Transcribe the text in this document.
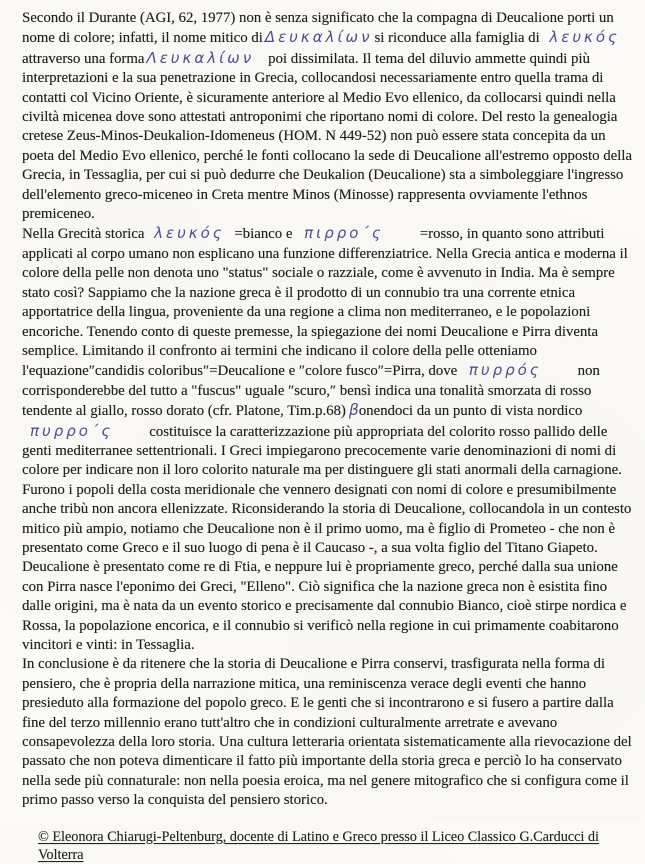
Secondo il Durante (AGI, 62, 1977) non è senza significato che la compagna di Deucalione porti un nome di colore; infatti, il nome mitico di Δευκαλίων si riconduce alla famiglia di λευκός attraverso una forma Λευκαλίων poi dissimilata. Il tema del diluvio ammette quindi più interpretazioni e la sua penetrazione in Grecia, collocandosi necessariamente entro quella trama di contatti col Vicino Oriente, è sicuramente anteriore al Medio Evo ellenico, da collocarsi quindi nella civiltà micenea dove sono attestati antroponimi che riportano nomi di colore. Del resto la genealogia cretese Zeus-Minos-Deukalion-Idomeneus (HOM. N 449-52) non può essere stata concepita da un poeta del Medio Evo ellenico, perché le fonti collocano la sede di Deucalione all'estremo opposto della Grecia, in Tessaglia, per cui si può dedurre che Deukalion (Deucalione) sta a simboleggiare l'ingresso dell'elemento greco-miceneo in Creta mentre Minos (Minosse) rappresenta ovviamente l'ethnos premiceneo.

Nella Grecità storica λευκός =bianco e πιρρο΄ς =rosso, in quanto sono attributi applicati al corpo umano non esplicano una funzione differenziatrice. Nella Grecia antica e moderna il colore della pelle non denota uno "status" sociale o razziale, come è avvenuto in India. Ma è sempre stato così? Sappiamo che la nazione greca è il prodotto di un connubio tra una corrente etnica apportatrice della lingua, proveniente da una regione a clima non mediterraneo, e le popolazioni encoriche. Tenendo conto di queste premesse, la spiegazione dei nomi Deucalione e Pirra diventa semplice. Limitando il confronto ai termini che indicano il colore della pelle otteniamo l'equazione″candidis coloribus″=Deucalione e ″colore fusco″=Pirra, dove πυρρός non corrisponderebbe del tutto a "fuscus" uguale ″scuro,″ bensì indica una tonalità smorzata di rosso tendente al giallo, rosso dorato (cfr. Platone, Tim.p.68) βonendoci da un punto di vista nordico πυρρο΄ς costituisce la caratterizzazione più appropriata del colorito rosso pallido delle genti mediterranee settentrionali. I Greci impiegarono precocemente varie denominazioni di nomi di colore per indicare non il loro colorito naturale ma per distinguere gli stati anormali della carnagione. Furono i popoli della costa meridionale che vennero designati con nomi di colore e presumibilmente anche tribù non ancora ellenizzate. Riconsiderando la storia di Deucalione, collocandola in un contesto mitico più ampio, notiamo che Deucalione non è il primo uomo, ma è figlio di Prometeo - che non è presentato come Greco e il suo luogo di pena è il Caucaso -, a sua volta figlio del Titano Giapeto. Deucalione è presentato come re di Ftia, e neppure lui è propriamente greco, perché dalla sua unione con Pirra nasce l'eponimo dei Greci, "Elleno". Ciò significa che la nazione greca non è esistita fino dalle origini, ma è nata da un evento storico e precisamente dal connubio Bianco, cioè stirpe nordica e Rossa, la popolazione encorica, e il connubio si verificò nella regione in cui primamente coabitarono vincitori e vinti: in Tessaglia.

In conclusione è da ritenere che la storia di Deucalione e Pirra conservi, trasfigurata nella forma di pensiero, che è propria della narrazione mitica, una reminiscenza verace degli eventi che hanno presieduto alla formazione del popolo greco. E le genti che si incontrarono e si fusero a partire dalla fine del terzo millennio erano tutt'altro che in condizioni culturalmente arretrate e avevano consapevolezza della loro storia. Una cultura letteraria orientata sistematicamente alla rievocazione del passato che non poteva dimenticare il fatto più importante della storia greca e perciò lo ha conservato nella sede più connaturale: non nella poesia eroica, ma nel genere mitografico che si configura come il primo passo verso la conquista del pensiero storico.

© Eleonora Chiarugi-Peltenburg, docente di Latino e Greco presso il Liceo Classico G.Carducci di Volterra
